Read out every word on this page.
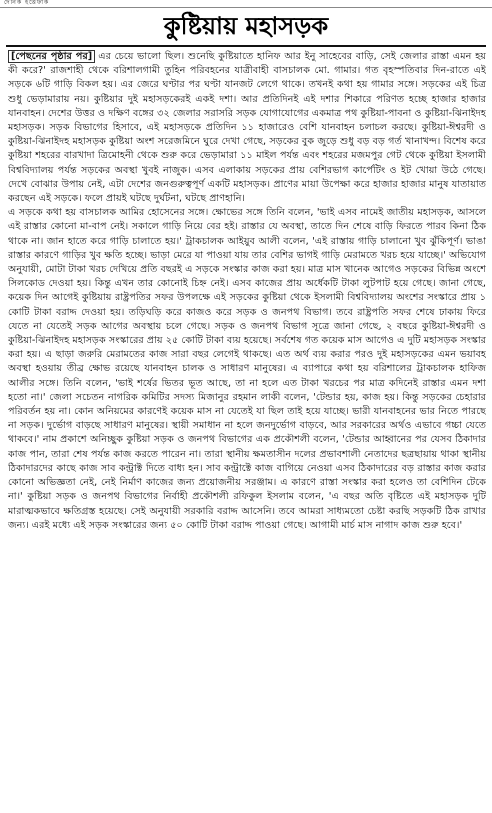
দৈনিক ইত্তেফাক
কুষ্টিয়ায় মহাসড়ক

[পেছনের পৃষ্ঠার পর] এর চেয়ে ভালো ছিল। শুনেছি কুষ্টিয়াতে হানিফ আর ইনু সাহেবের বাড়ি, সেই জেলার রাস্তা এমন হয় কী করে?' রাজশাহী থেকে বরিশালগামী তুহিন পরিবহনের যাত্রীবাহী বাসচালক মো. গামার। গত বৃহস্পতিবার দিন-রাতে এই সড়কে ৬টি গাড়ি বিকল হয়। এর জেরে ঘণ্টার পর ঘণ্টা যানজট লেগে থাকে। তখনই কথা হয় গামার সঙ্গে। সড়কের এই চিত্র শুধু ভেড়ামারায় নয়। কুষ্টিয়ার দুই মহাসড়কেরই একই দশা। আর প্রতিদিনই এই দশার শিকারে পরিণত হচ্ছে হাজার হাজার যানবাহন। দেশের উত্তর ও দক্ষিণ বঙ্গের ৩২ জেলার সরাসরি সড়ক যোগাযোগের একমাত্র পথ কুষ্টিয়া-পাবনা ও কুষ্টিয়া-ঝিনাইদহ মহাসড়ক। সড়ক বিভাগের হিসাবে, এই মহাসড়কে প্রতিদিন ১১ হাজারেও বেশি যানবাহন চলাচল করছে। কুষ্টিয়া-ঈশ্বরদী ও কুষ্টিয়া-ঝিনাইদহ মহাসড়ক কুষ্টিয়া অংশ সরেজমিনে ঘুরে দেখা গেছে, সড়কের বুক জুড়ে শুধু বড় বড় গর্ত খানাখন্দ। বিশেষ করে কুষ্টিয়া শহরের বারখাদা ত্রিমোহনী থেকে শুরু করে ভেড়ামারা ১১ মাইল পর্যন্ত এবং শহরের মজমপুর গেট থেকে কুষ্টিয়া ইসলামী বিশ্ববিদ্যালয় পর্যন্ত সড়কের অবস্থা খুবই নাজুক। এসব এলাকায় সড়কের প্রায় বেশিরভাগ কার্পেটিং ও ইট খোয়া উঠে গেছে। দেখে বোঝার উপায় নেই, এটা দেশের জনগুরুত্বপূর্ণ একটি মহাসড়ক। প্রাণের মায়া উপেক্ষা করে হাজার হাজার মানুষ যাতায়াত করছেন এই সড়কে। ফলে প্রায়ই ঘটছে দুর্ঘটনা, ঘটছে প্রাণহানি।

এ সড়কে কথা হয় বাসচালক আমির হোসেনের সঙ্গে। ক্ষোভের সঙ্গে তিনি বলেন, 'ভাই এসব নামেই জাতীয় মহাসড়ক, আসলে এই রাস্তার কোনো মা-বাপ নেই। সকালে গাড়ি নিয়ে বের হই। রাস্তার যে অবস্থা, তাতে দিন শেষে বাড়ি ফিরতে পারব কিনা ঠিক থাকে না। জান হাতে করে গাড়ি চালাতে হয়।' ট্রাকচালক আইয়ুব আলী বলেন, 'এই রাস্তায় গাড়ি চালানো খুব ঝুঁকিপূর্ণ। ভাঙা রাস্তার কারণে গাড়ির খুব ক্ষতি হচ্ছে। ভাড়া মেরে যা পাওয়া যায় তার বেশির ভাগই গাড়ি মেরামতে খরচ হয়ে যাচ্ছে।' অভিযোগ অনুযায়ী, মোটা টাকা খরচ দেখিয়ে প্রতি বছরই এ সড়কে সংস্কার কাজ করা হয়। মাত্র মাস খানেক আগেও সড়কের বিভিন্ন অংশে সিলকোড দেওয়া হয়। কিন্তু এখন তার কোনোই চিহ্ন নেই। এসব কাজের প্রায় অর্ধেকটি টাকা লুটপাট হয়ে গেছে। জানা গেছে, কয়েক দিন আগেই কুষ্টিয়ায় রাষ্ট্রপতির সফর উপলক্ষে এই সড়কের কুষ্টিয়া থেকে ইসলামী বিশ্ববিদ্যালয় অংশের সংস্কারে প্রায় ১ কোটি টাকা বরাদ্দ দেওয়া হয়। তড়িঘড়ি করে কাজও করে সড়ক ও জনপথ বিভাগ। তবে রাষ্ট্রপতি সফর শেষে ঢাকায় ফিরে যেতে না যেতেই সড়ক আগের অবস্থায় চলে গেছে। সড়ক ও জনপথ বিভাগ সূত্রে জানা গেছে, ২ বছরে কুষ্টিয়া-ঈশ্বরদী ও কুষ্টিয়া-ঝিনাইদহ মহাসড়ক সংস্কারের প্রায় ২৫ কোটি টাকা ব্যয় হয়েছে। সর্বশেষ গত কয়েক মাস আগেও এ দুটি মহাসড়ক সংস্কার করা হয়। এ ছাড়া জরুরি মেরামতের কাজ সারা বছর লেগেই থাকছে। এত অর্থ ব্যয় করার পরও দুই মহাসড়কের এমন ভয়াবহ অবস্থা হওয়ায় তীব্র ক্ষোভ রয়েছে যানবাহন চালক ও সাধারণ মানুষের। এ ব্যাপারে কথা হয় বরিশালের ট্রাকচালক হাফিজ আলীর সঙ্গে। তিনি বলেন, 'ভাই শর্ষের ভিতর ভূত আছে, তা না হলে এত টাকা খরচের পর মাত্র কদিনেই রাস্তার এমন দশা হতো না।' জেলা সচেতন নাগরিক কমিটির সদস্য মিজানুর রহমান লাকী বলেন, 'টেন্ডার হয়, কাজ হয়। কিন্তু সড়কের চেহারার পরিবর্তন হয় না। কোন অনিয়মের কারণেই কয়েক মাস না যেতেই যা ছিল তাই হয়ে যাচ্ছে। ভারী যানবাহনের ভার নিতে পারছে না সড়ক। দুর্ভোগ বাড়ছে সাধারণ মানুষের। স্থায়ী সমাধান না হলে জনদুর্ভোগ বাড়বে, আর সরকারের অর্থও এভাবে গচ্চা যেতে থাকবে।' নাম প্রকাশে অনিচ্ছুক কুষ্টিয়া সড়ক ও জনপথ বিভাগের এক প্রকৌশলী বলেন, 'টেন্ডার আহ্বানের পর যেসব ঠিকাদার কাজ পান, তারা শেষ পর্যন্ত কাজ করতে পারেন না। তারা স্থানীয় ক্ষমতাসীন দলের প্রভাবশালী নেতাদের ছত্রছায়ায় থাকা স্থানীয় ঠিকাদারদের কাছে কাজ সাব কন্ট্রাক্ট দিতে বাধ্য হন। সাব কন্ট্রাক্টে কাজ বাগিয়ে নেওয়া এসব ঠিকাদারের বড় রাস্তার কাজ করার কোনো অভিজ্ঞতা নেই, নেই নির্মাণ কাজের জন্য প্রয়োজনীয় সরঞ্জাম। এ কারণে রাস্তা সংস্কার করা হলেও তা বেশিদিন টেকে না।' কুষ্টিয়া সড়ক ও জনপথ বিভাগের নির্বাহী প্রকৌশলী রফিকুল ইসলাম বলেন, 'এ বছর অতি বৃষ্টিতে এই মহাসড়ক দুটি মারাত্মকভাবে ক্ষতিগ্রস্ত হয়েছে। সেই অনুযায়ী সরকারি বরাদ্দ আসেনি। তবে আমরা সাধ্যমতো চেষ্টা করছি সড়কটি ঠিক রাখার জন্য। এরই মধ্যে এই সড়ক সংস্কারের জন্য ৫০ কোটি টাকা বরাদ্দ পাওয়া গেছে। আগামী মার্চ মাস নাগাদ কাজ শুরু হবে।'
